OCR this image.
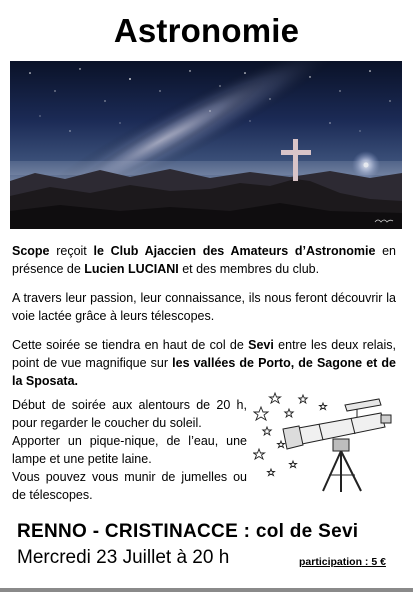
Astronomie
Scope reçoit le Club Ajaccien des Amateurs d’Astronomie en présence de Lucien LUCIANI et des membres du club.
A travers leur passion, leur connaissance, ils nous feront découvrir la voie lactée grâce à leurs télescopes.
Cette soirée se tiendra en haut de col de Sevi entre les deux relais, point de vue magnifique sur les vallées de Porto, de Sagone et de la Sposata.
Début de soirée aux alentours de 20 h, pour regarder le coucher du soleil.
Apporter un pique-nique, de l’eau, une lampe et une petite laine.
Vous pouvez vous munir de jumelles ou de télescopes.
RENNO - CRISTINACCE : col de Sevi
Mercredi 23 Juillet à 20 h	participation : 5 €
